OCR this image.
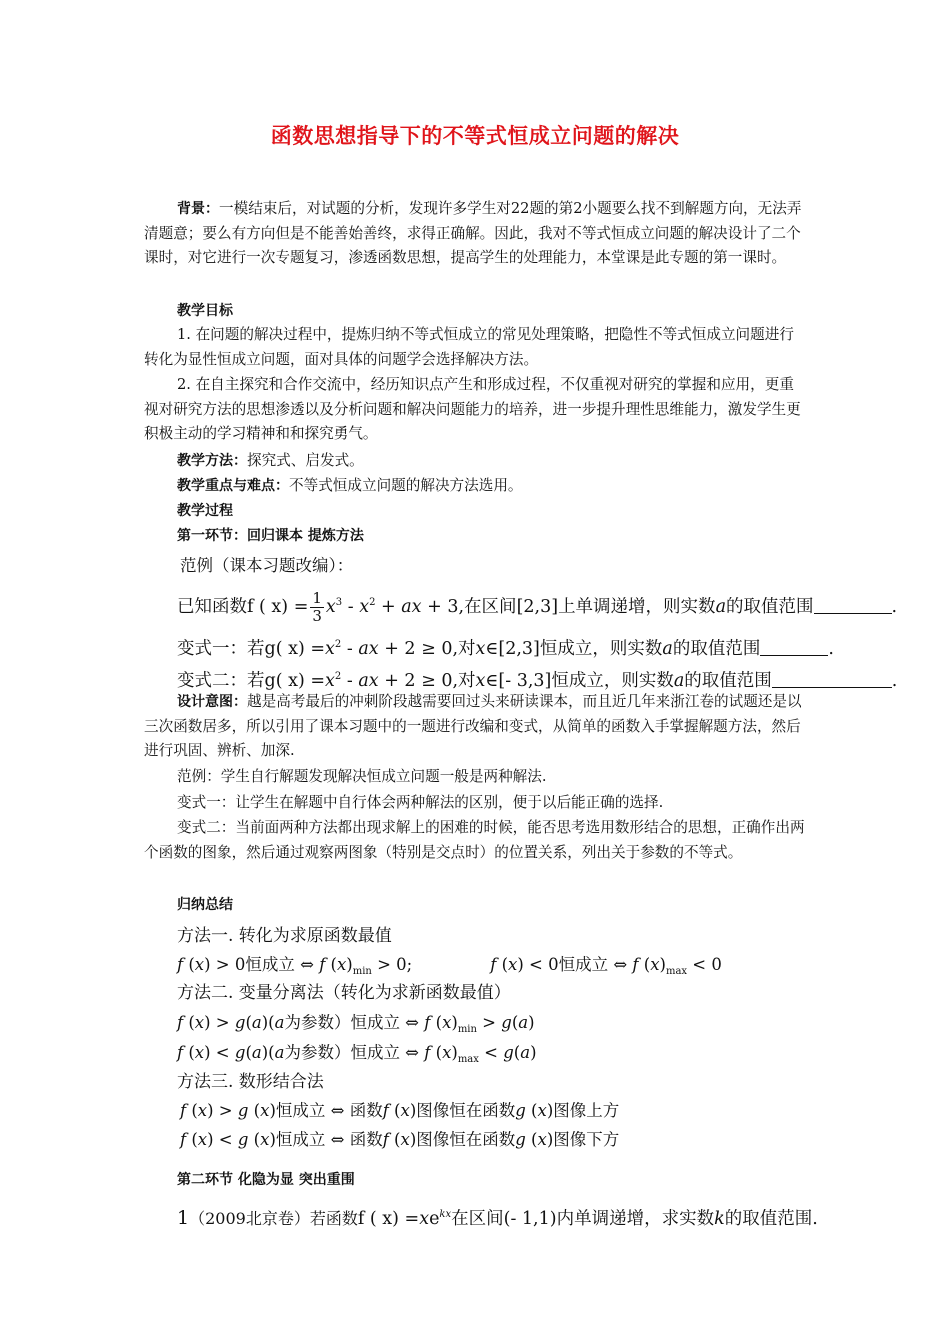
函数思想指导下的不等式恒成立问题的解决
背景：一模结束后，对试题的分析，发现许多学生对22题的第2小题要么找不到解题方向，无法弄清题意；要么有方向但是不能善始善终，求得正确解。因此，我对不等式恒成立问题的解决设计了二个课时，对它进行一次专题复习，渗透函数思想，提高学生的处理能力，本堂课是此专题的第一课时。
教学目标
1. 在问题的解决过程中，提炼归纳不等式恒成立的常见处理策略，把隐性不等式恒成立问题进行转化为显性恒成立问题，面对具体的问题学会选择解决方法。
2. 在自主探究和合作交流中，经历知识点产生和形成过程，不仅重视对研究的掌握和应用，更重视对研究方法的思想渗透以及分析问题和解决问题能力的培养，进一步提升理性思维能力，激发学生更积极主动的学习精神和和探究勇气。
教学方法：探究式、启发式。
教学重点与难点：不等式恒成立问题的解决方法选用。
教学过程
第一环节：回归课本 提炼方法
范例（课本习题改编）：
已知函数f ( $x) = \frac{1}{3} x^3 - x^2$ + ax + 3,在区间[2,3]上单调递增，则实数a的取值范围	.
变式一：若g( $x) =x^2$ - ax + 2 ≥ 0,对x∈[2,3]恒成立，则实数a的取值范围	.
变式二：若g( $x) =x^2$ - ax + 2 ≥ 0,对x∈[- 3,3]恒成立，则实数a的取值范围	.
设计意图：越是高考最后的冲刺阶段越需要回过头来研读课本，而且近几年来浙江卷的试题还是以三次函数居多，所以引用了课本习题中的一题进行改编和变式，从简单的函数入手掌握解题方法，然后进行巩固、辨析、加深.
范例：学生自行解题发现解决恒成立问题一般是两种解法.
变式一：让学生在解题中自行体会两种解法的区别，便于以后能正确的选择.
变式二：当前面两种方法都出现求解上的困难的时候，能否思考选用数形结合的思想，正确作出两个函数的图象，然后通过观察两图象（特别是交点时）的位置关系，列出关于参数的不等式。
归纳总结
方法一. 转化为求原函数最值
f (x) > 0恒成立 ⇔ f $(x)_{min} > 0$;	f (x) < 0恒成立 ⇔ f $(x)_{max} < 0$
方法二. 变量分离法（转化为求新函数最值）
f (x) > g(a)(a为参数）恒成立 ⇔ f $(x)_{min} > g(a)$
f (x) < g(a)(a为参数）恒成立 ⇔ f $(x)_{max} < g(a)$
方法三. 数形结合法
f (x) > g (x)恒成立 ⇔ 函数f (x)图像恒在函数g (x)图像上方
f (x) < g (x)恒成立 ⇔ 函数f (x)图像恒在函数g (x)图像下方
第二环节 化隐为显 突出重围
1（2009北京卷）若函数f ( $x) =xe^{kx}$在区间(- 1,1)内单调递增，求实数k的取值范围.
